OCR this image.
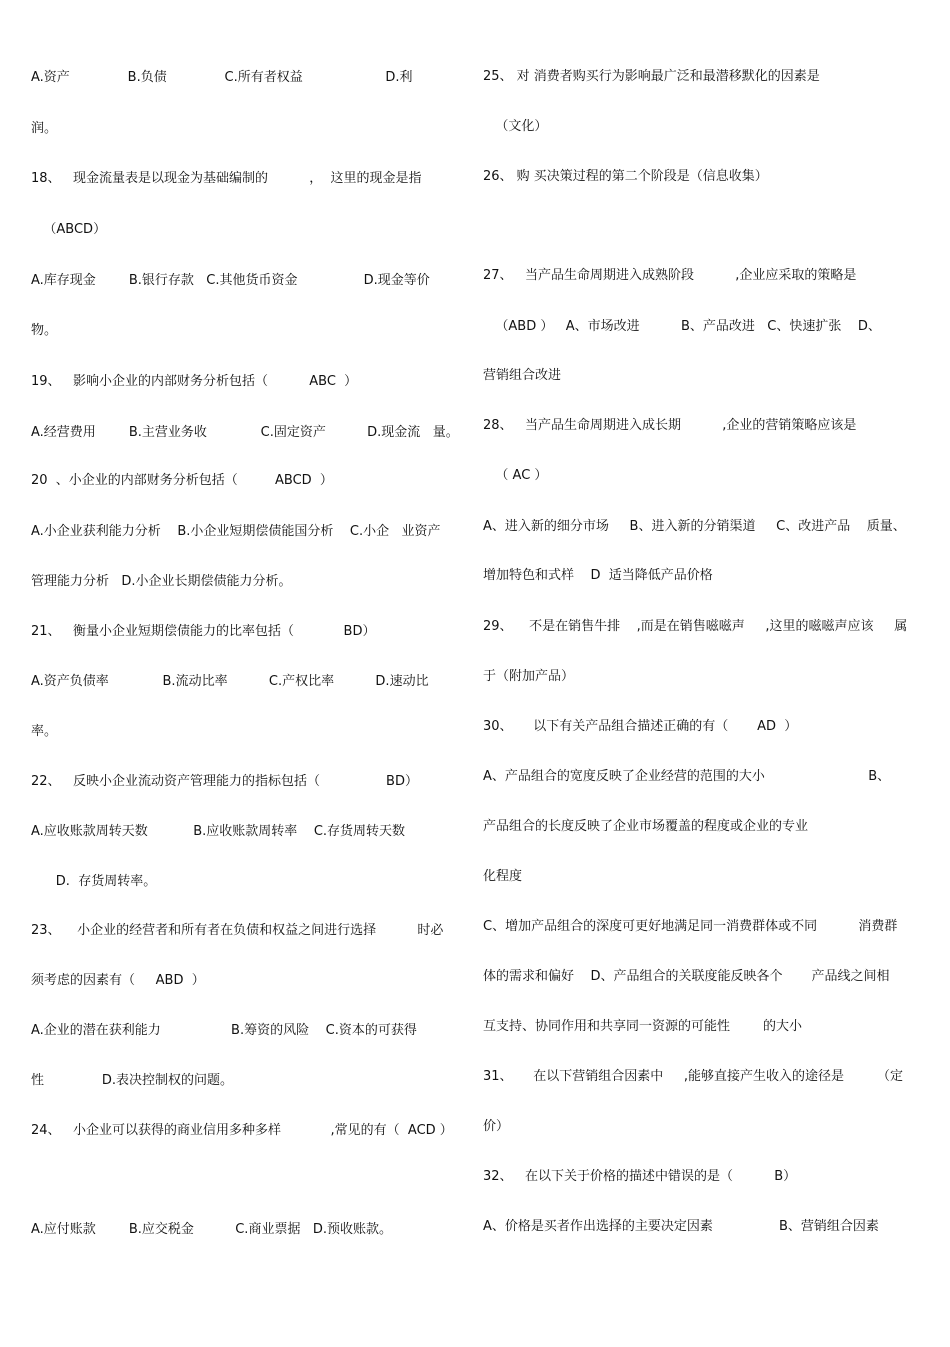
A.资产              B.负债              C.所有者权益                    D.利
润。
18、   现金流量表是以现金为基础编制的          ，  这里的现金是指
（ABCD）
A.库存现金        B.银行存款   C.其他货币资金                D.现金等价
物。
19、   影响小企业的内部财务分析包括（          ABC  ）
A.经营费用        B.主营业务收             C.固定资产          D.现金流   量。
20  、小企业的内部财务分析包括（         ABCD  ）
A.小企业获利能力分析    B.小企业短期偿债能国分析    C.小企   业资产
管理能力分析   D.小企业长期偿债能力分析。
21、   衡量小企业短期偿债能力的比率包括（            BD）
A.资产负债率             B.流动比率          C.产权比率          D.速动比
率。
22、   反映小企业流动资产管理能力的指标包括（                BD）
A.应收账款周转天数           B.应收账款周转率    C.存货周转天数
D.  存货周转率。
23、    小企业的经营者和所有者在负债和权益之间进行选择          时必
须考虑的因素有（     ABD  ）
A.企业的潜在获利能力                 B.筹资的风险    C.资本的可获得
性              D.表决控制权的问题。
24、   小企业可以获得的商业信用多种多样            ,常见的有（  ACD ）
A.应付账款        B.应交税金          C.商业票据   D.预收账款。
25、 对 消费者购买行为影响最广泛和最潜移默化的因素是
（文化）
26、 购 买决策过程的第二个阶段是（信息收集）
27、   当产品生命周期进入成熟阶段          ,企业应采取的策略是
（ABD ）   A、市场改进          B、产品改进   C、快速扩张    D、
营销组合改进
28、   当产品生命周期进入成长期          ,企业的营销策略应该是
（ AC ）
A、进入新的细分市场     B、进入新的分销渠道     C、改进产品    质量、
增加特色和式样    D  适当降低产品价格
29、    不是在销售牛排    ,而是在销售嗞嗞声     ,这里的嗞嗞声应该     属
于（附加产品）
30、     以下有关产品组合描述正确的有（       AD  ）
A、产品组合的宽度反映了企业经营的范围的大小                         B、
产品组合的长度反映了企业市场覆盖的程度或企业的专业
化程度
C、增加产品组合的深度可更好地满足同一消费群体或不同          消费群
体的需求和偏好    D、产品组合的关联度能反映各个       产品线之间相
互支持、协同作用和共享同一资源的可能性        的大小
31、     在以下营销组合因素中     ,能够直接产生收入的途径是        （定
价）
32、   在以下关于价格的描述中错误的是（          B）
A、价格是买者作出选择的主要决定因素                B、营销组合因素
